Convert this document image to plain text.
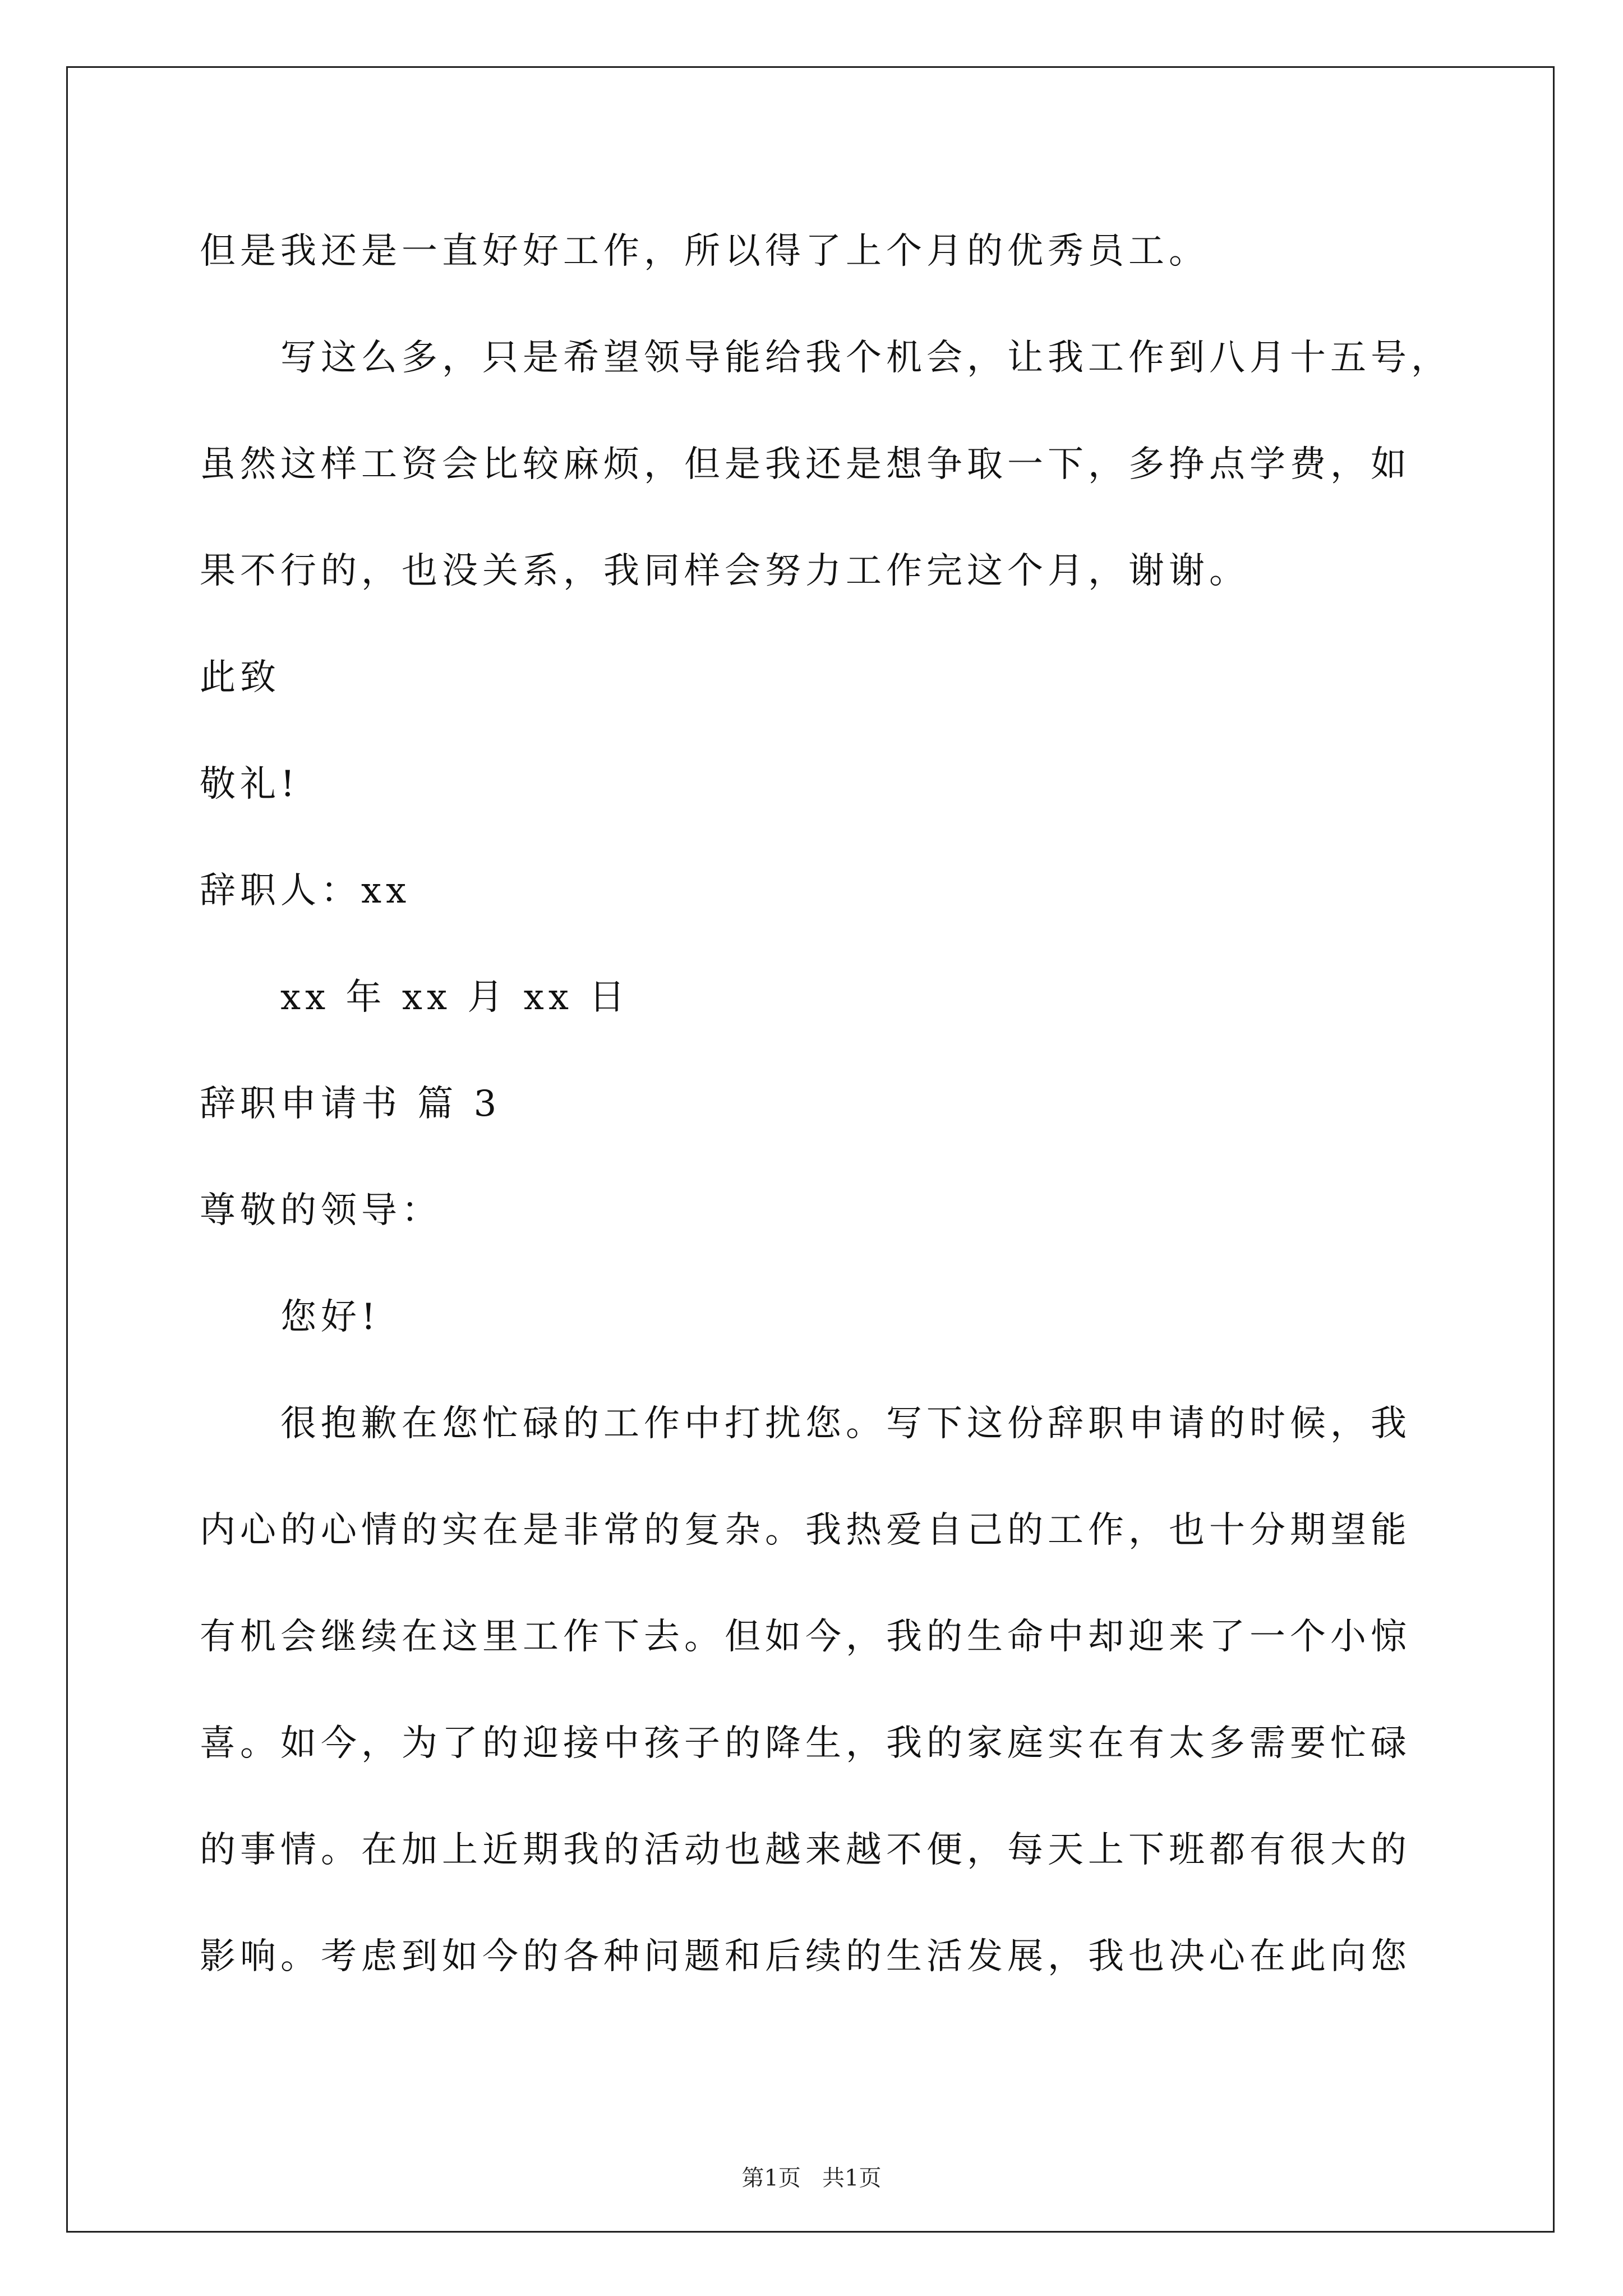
但是我还是一直好好工作，所以得了上个月的优秀员工。
写这么多，只是希望领导能给我个机会，让我工作到八月十五号，
虽然这样工资会比较麻烦，但是我还是想争取一下，多挣点学费，如
果不行的，也没关系，我同样会努力工作完这个月，谢谢。
此致
敬礼!
辞职人：xx
xx 年 xx 月 xx 日
辞职申请书 篇 3
尊敬的领导：
您好!
很抱歉在您忙碌的工作中打扰您。写下这份辞职申请的时候，我
内心的心情的实在是非常的复杂。我热爱自己的工作，也十分期望能
有机会继续在这里工作下去。但如今，我的生命中却迎来了一个小惊
喜。如今，为了的迎接中孩子的降生，我的家庭实在有太多需要忙碌
的事情。在加上近期我的活动也越来越不便，每天上下班都有很大的
影响。考虑到如今的各种问题和后续的生活发展，我也决心在此向您
第1页   共1页
